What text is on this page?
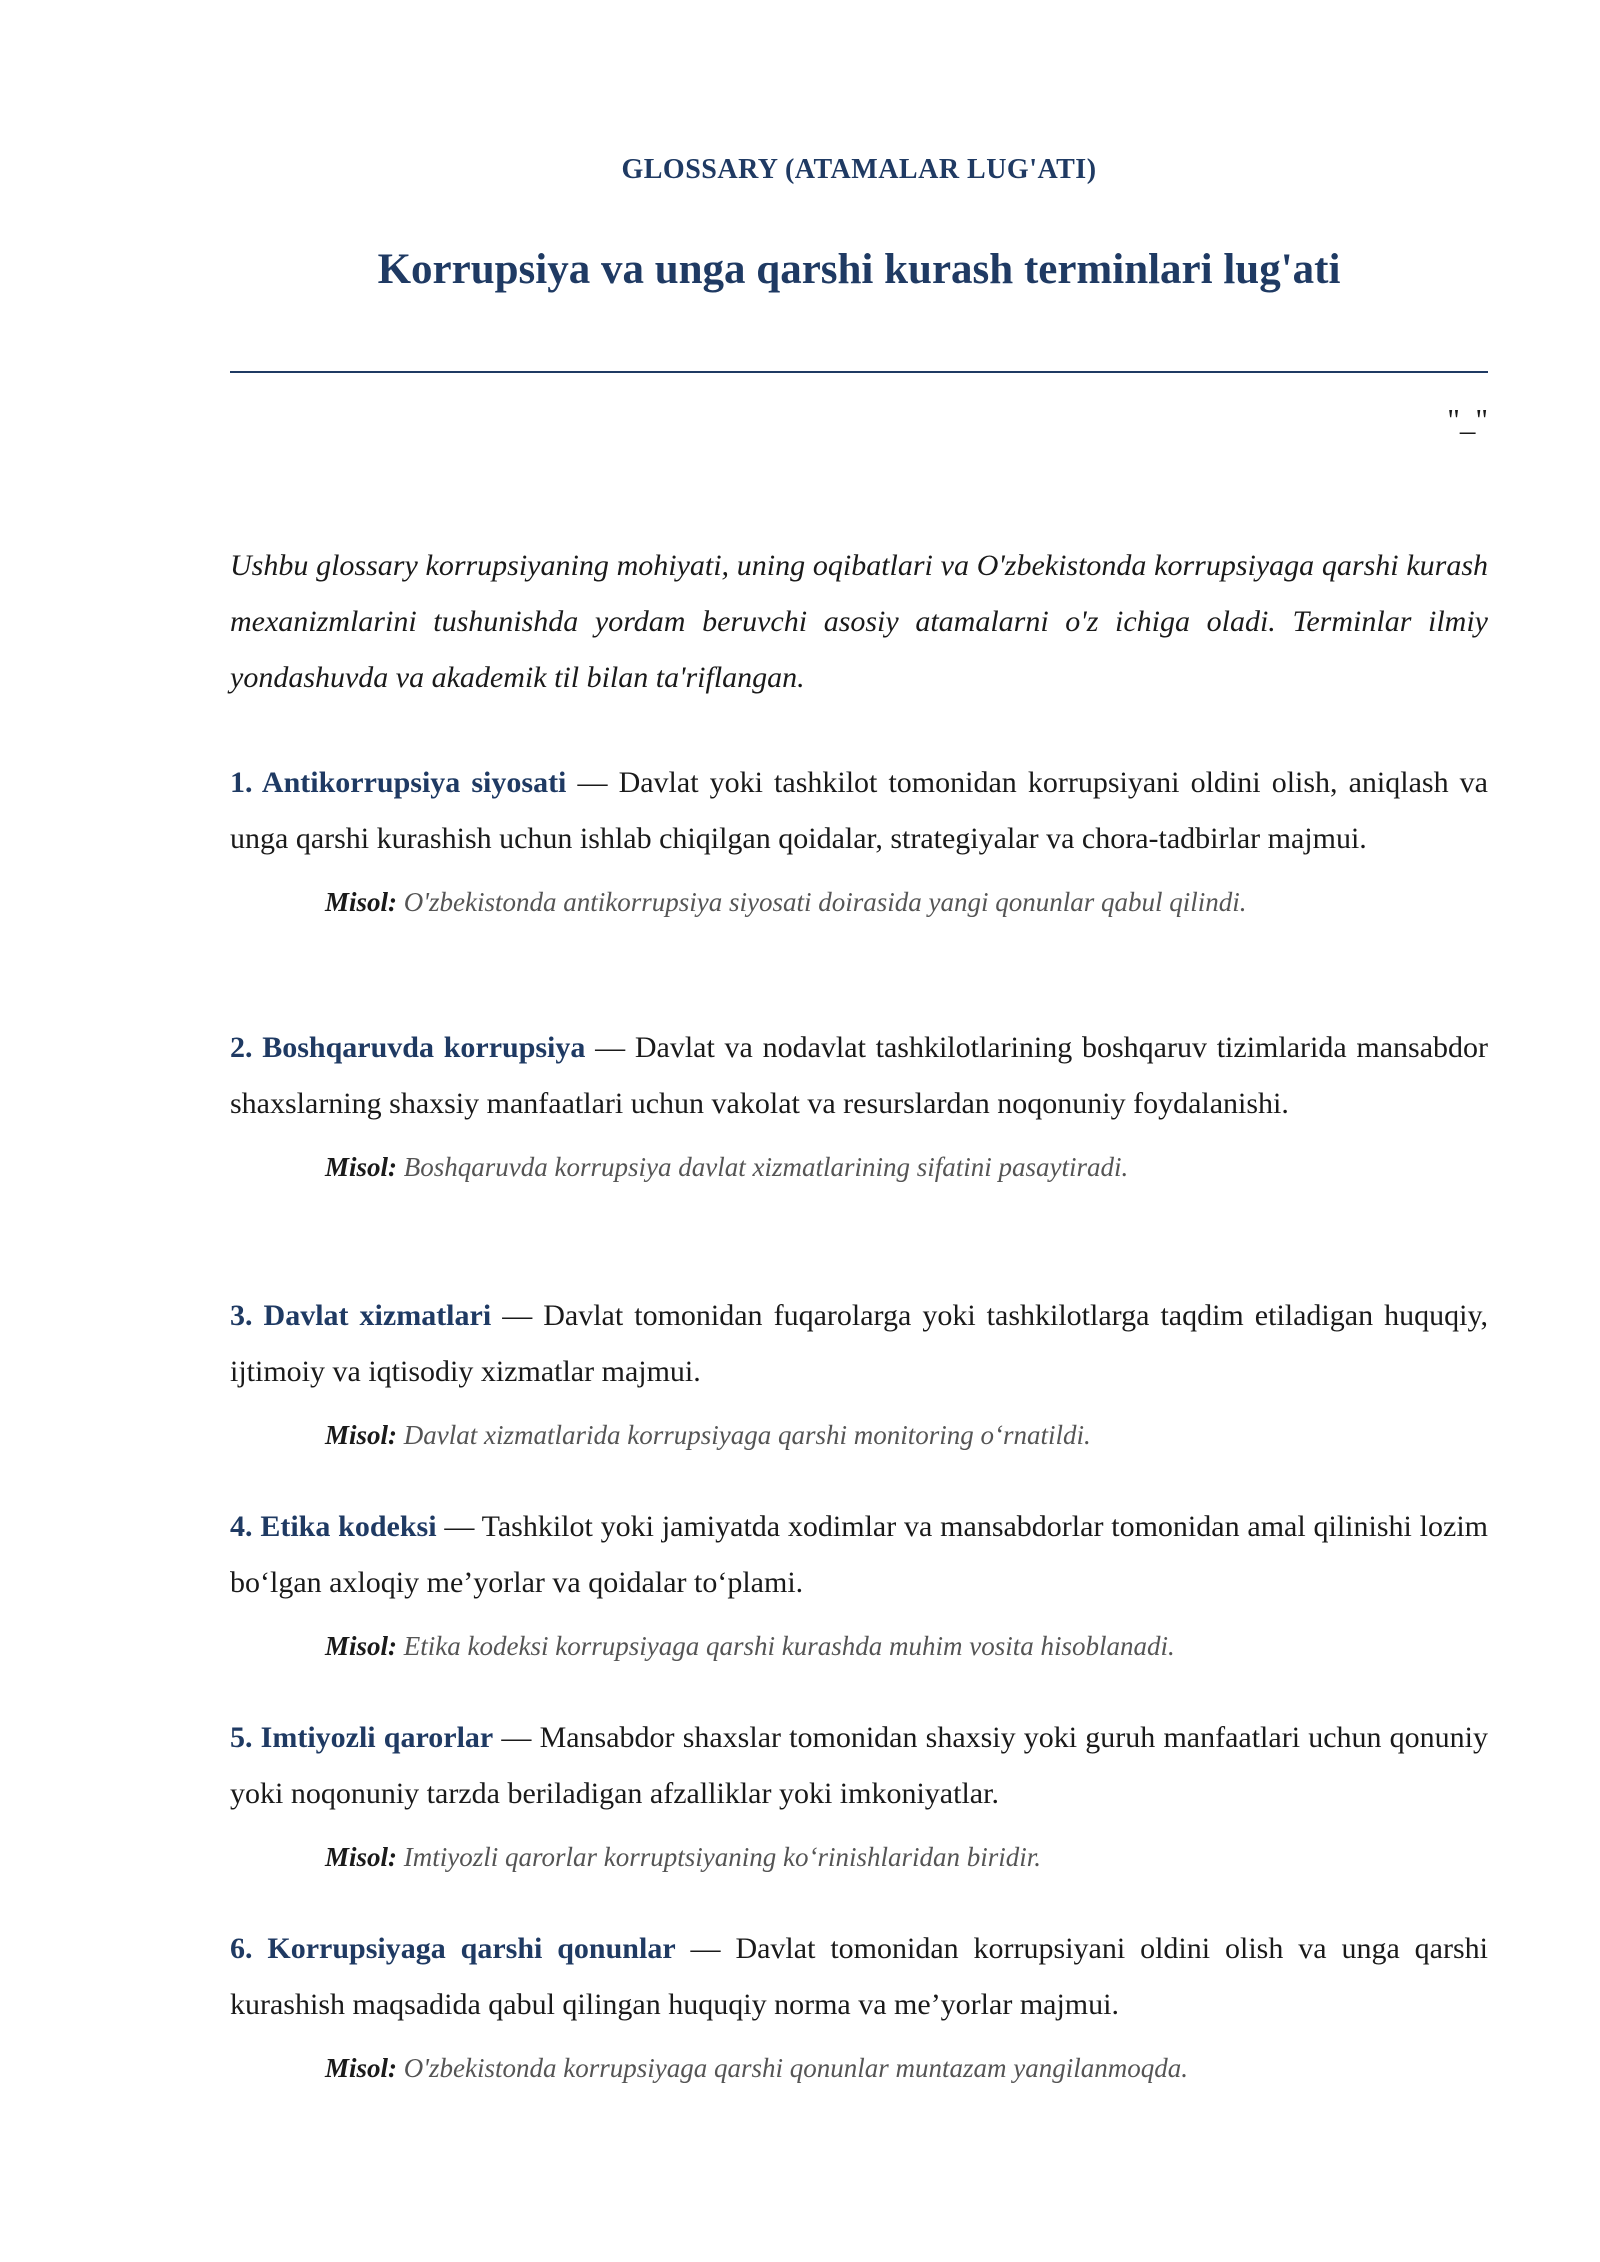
GLOSSARY (ATAMALAR LUG'ATI)
Korrupsiya va unga qarshi kurash terminlari lug'ati
"_"

Ushbu glossary korrupsiyaning mohiyati, uning oqibatlari va O'zbekistonda korrupsiyaga qarshi kurash mexanizmlarini tushunishda yordam beruvchi asosiy atamalarni o'z ichiga oladi. Terminlar ilmiy yondashuvda va akademik til bilan ta'riflangan.

1. Antikorrupsiya siyosati — Davlat yoki tashkilot tomonidan korrupsiyani oldini olish, aniqlash va unga qarshi kurashish uchun ishlab chiqilgan qoidalar, strategiyalar va chora-tadbirlar majmui.

Misol: O'zbekistonda antikorrupsiya siyosati doirasida yangi qonunlar qabul qilindi.

2. Boshqaruvda korrupsiya — Davlat va nodavlat tashkilotlarining boshqaruv tizimlarida mansabdor shaxslarning shaxsiy manfaatlari uchun vakolat va resurslardan noqonuniy foydalanishi.

Misol: Boshqaruvda korrupsiya davlat xizmatlarining sifatini pasaytiradi.

3. Davlat xizmatlari — Davlat tomonidan fuqarolarga yoki tashkilotlarga taqdim etiladigan huquqiy, ijtimoiy va iqtisodiy xizmatlar majmui.

Misol: Davlat xizmatlarida korrupsiyaga qarshi monitoring o‘rnatildi.

4. Etika kodeksi — Tashkilot yoki jamiyatda xodimlar va mansabdorlar tomonidan amal qilinishi lozim bo‘lgan axloqiy me’yorlar va qoidalar to‘plami.

Misol: Etika kodeksi korrupsiyaga qarshi kurashda muhim vosita hisoblanadi.

5. Imtiyozli qarorlar — Mansabdor shaxslar tomonidan shaxsiy yoki guruh manfaatlari uchun qonuniy yoki noqonuniy tarzda beriladigan afzalliklar yoki imkoniyatlar.

Misol: Imtiyozli qarorlar korruptsiyaning ko‘rinishlaridan biridir.

6. Korrupsiyaga qarshi qonunlar — Davlat tomonidan korrupsiyani oldini olish va unga qarshi kurashish maqsadida qabul qilingan huquqiy norma va me’yorlar majmui.

Misol: O'zbekistonda korrupsiyaga qarshi qonunlar muntazam yangilanmoqda.
